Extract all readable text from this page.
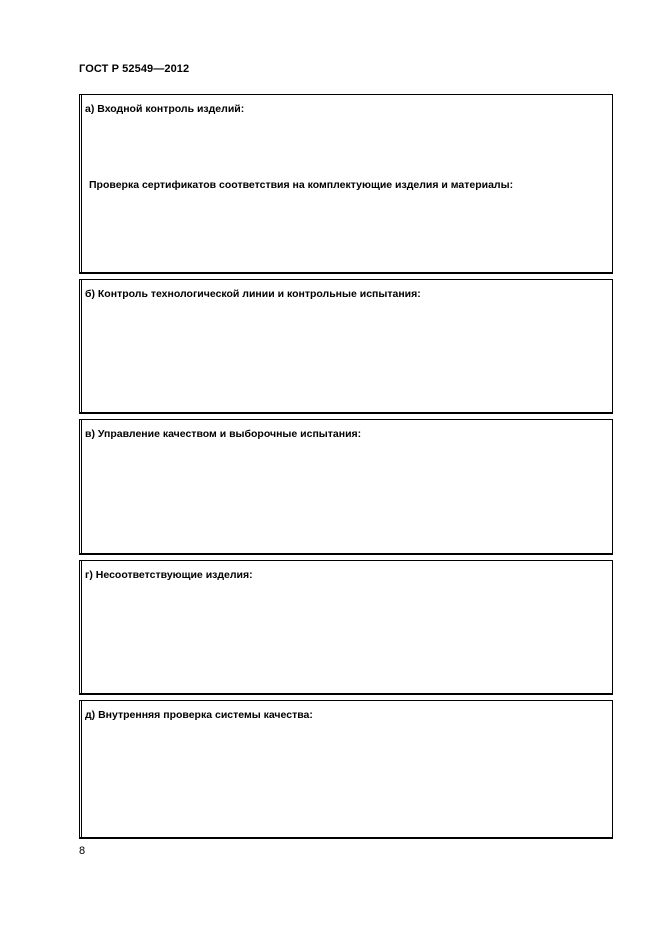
ГОСТ Р 52549—2012
а) Входной контроль изделий:
Проверка сертификатов соответствия на комплектующие изделия и материалы:
б) Контроль технологической линии и контрольные испытания:
в) Управление качеством и выборочные испытания:
г) Несоответствующие изделия:
д) Внутренняя проверка системы качества:
8
